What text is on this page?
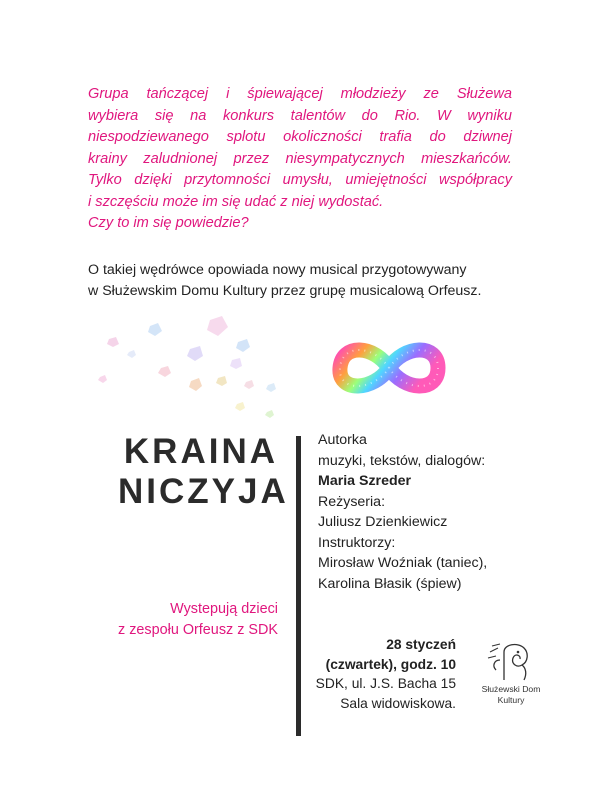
Grupa tańczącej i śpiewającej młodzieży ze Służewa
wybiera się na konkurs talentów do Rio. W wyniku
niespodziewanego splotu okoliczności trafia do dziwnej
krainy zaludnionej przez niesympatycznych mieszkańców.
Tylko dzięki przytomności umysłu, umiejętności współpracy
i szczęściu może im się udać z niej wydostać.
Czy to im się powiedzie?
O takiej wędrówce opowiada nowy musical przygotowywany
w Służewskim Domu Kultury przez grupę musicalową Orfeusz.
KRAINA
NICZYJA
Autorka
muzyki, tekstów, dialogów:
Maria Szreder
Reżyseria:
Juliusz Dzienkiewicz
Instruktorzy:
Mirosław Woźniak (taniec),
Karolina Błasik (śpiew)
Wystepują dzieci
z zespołu Orfeusz z SDK
28 styczeń
(czwartek), godz. 10
SDK, ul. J.S. Bacha 15
Sala widowiskowa.
Służewski Dom
Kultury
